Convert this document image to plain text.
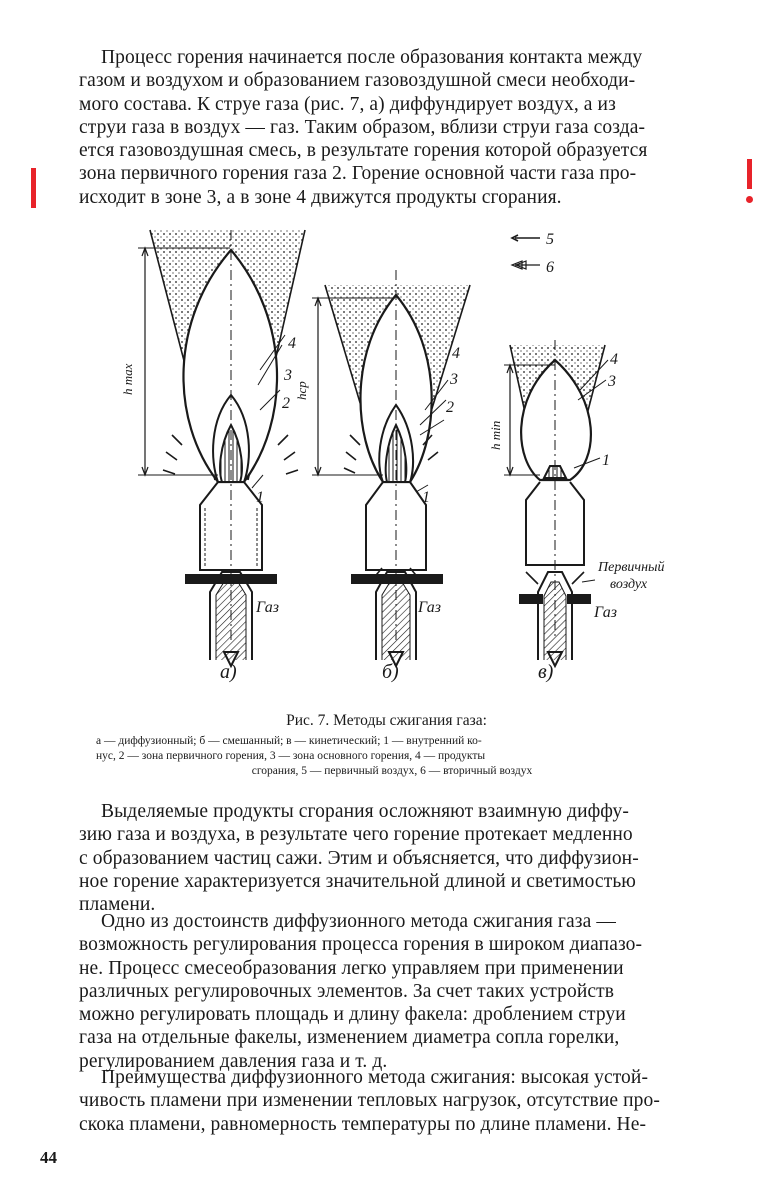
Процесс горения начинается после образования контакта между
газом и воздухом и образованием газовоздушной смеси необходи-
мого состава. К струе газа (рис. 7, а) диффундирует воздух, а из
струи газа в воздух — газ. Таким образом, вблизи струи газа созда-
ется газовоздушная смесь, в результате горения которой образуется
зона первичного горения газа 2. Горение основной части газа про-
исходит в зоне 3, а в зоне 4 движутся продукты сгорания.
4
3
2
1
Газ
h max
а)
4
3
2
1
Газ
hср
б)
5
6
4
3
1
Первичный
воздух
Газ
h min
в)
Рис. 7. Методы сжигания газа:
а — диффузионный; б — смешанный; в — кинетический; 1 — внутренний ко-
нус, 2 — зона первичного горения, 3 — зона основного горения, 4 — продукты
сгорания, 5 — первичный воздух, 6 — вторичный воздух
Выделяемые продукты сгорания осложняют взаимную диффу-
зию газа и воздуха, в результате чего горение протекает медленно
с образованием частиц сажи. Этим и объясняется, что диффузион-
ное горение характеризуется значительной длиной и светимостью
пламени.
Одно из достоинств диффузионного метода сжигания газа —
возможность регулирования процесса горения в широком диапазо-
не. Процесс смесеобразования легко управляем при применении
различных регулировочных элементов. За счет таких устройств
можно регулировать площадь и длину факела: дроблением струи
газа на отдельные факелы, изменением диаметра сопла горелки,
регулированием давления газа и т. д.
Преимущества диффузионного метода сжигания: высокая устой-
чивость пламени при изменении тепловых нагрузок, отсутствие про-
скока пламени, равномерность температуры по длине пламени. Не-
44
